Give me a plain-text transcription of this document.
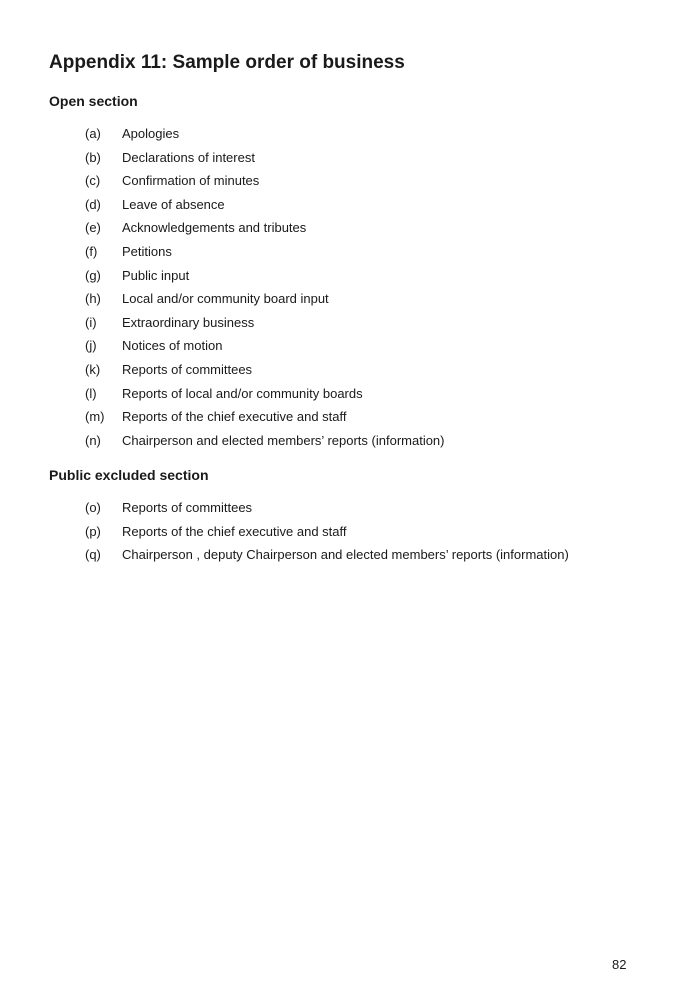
Appendix 11: Sample order of business
Open section
(a) Apologies
(b) Declarations of interest
(c) Confirmation of minutes
(d) Leave of absence
(e) Acknowledgements and tributes
(f) Petitions
(g) Public input
(h) Local and/or community board input
(i) Extraordinary business
(j) Notices of motion
(k) Reports of committees
(l) Reports of local and/or community boards
(m) Reports of the chief executive and staff
(n) Chairperson and elected members’ reports (information)
Public excluded section
(o) Reports of committees
(p) Reports of the chief executive and staff
(q) Chairperson , deputy Chairperson and elected members’ reports (information)
82
